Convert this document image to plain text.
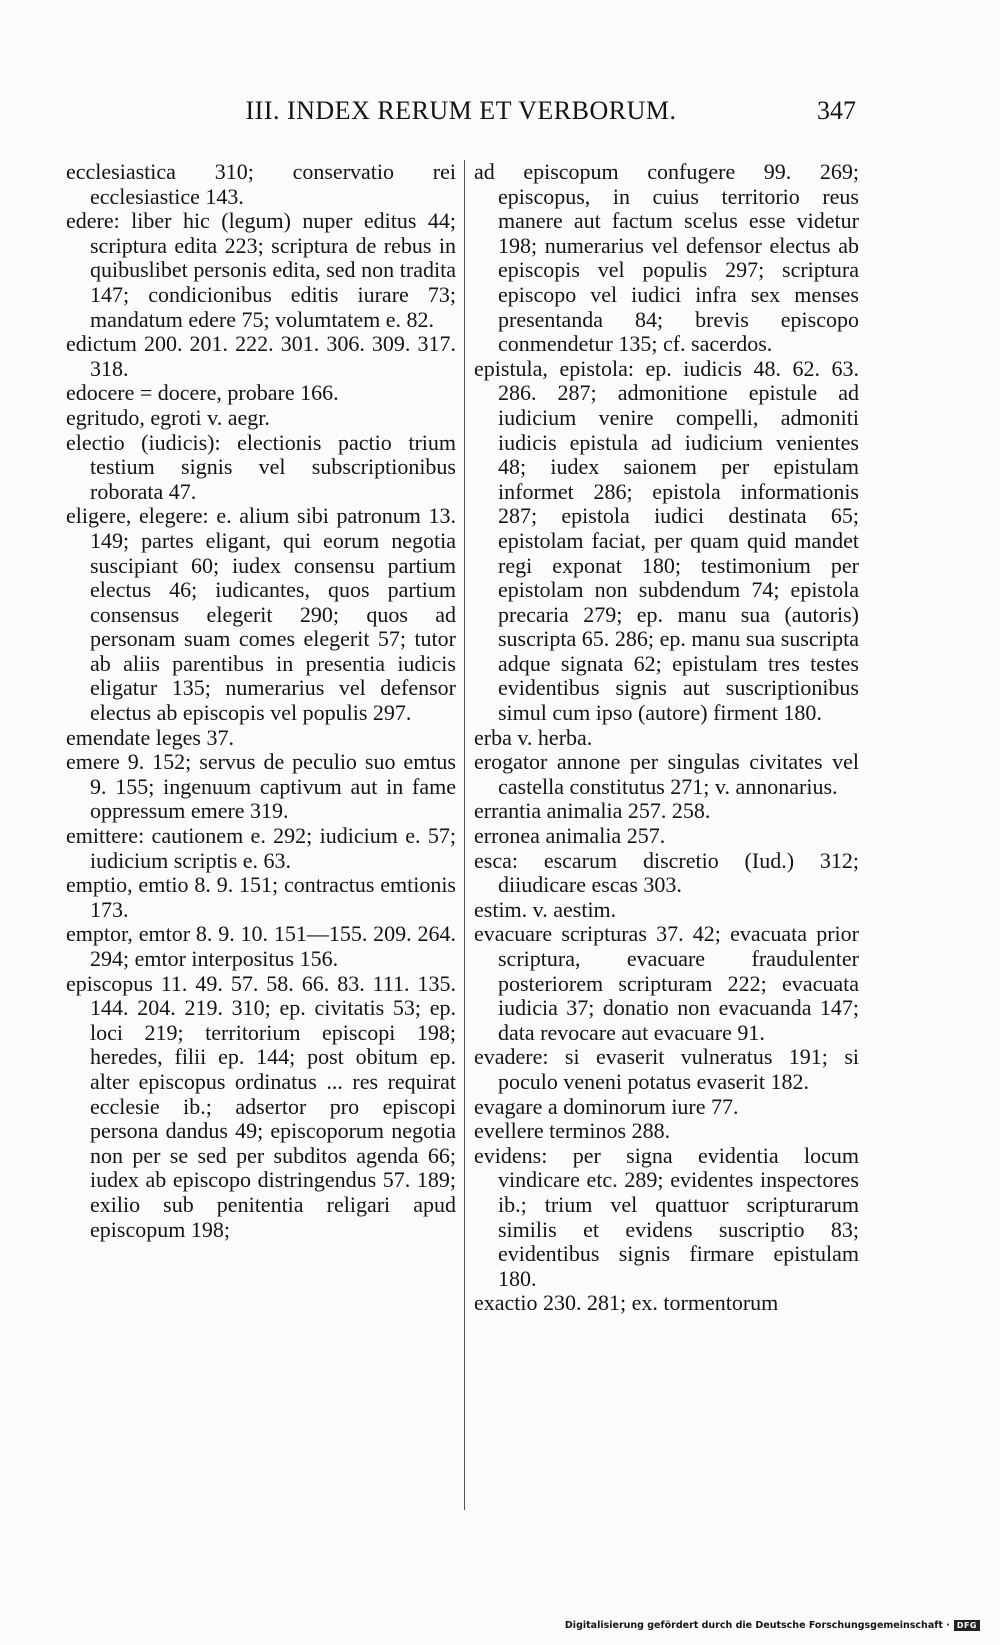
III. INDEX RERUM ET VERBORUM.	347

ecclesiastica 310; conservatio rei ecclesiastice 143.

edere: liber hic (legum) nuper editus 44; scriptura edita 223; scriptura de rebus in quibuslibet personis edita, sed non tradita 147; condicionibus editis iurare 73; mandatum edere 75; volumtatem e. 82.

edictum 200. 201. 222. 301. 306. 309. 317. 318.

edocere = docere, probare 166.

egritudo, egroti v. aegr.

electio (iudicis): electionis pactio trium testium signis vel subscriptionibus roborata 47.

eligere, elegere: e. alium sibi patronum 13. 149; partes eligant, qui eorum negotia suscipiant 60; iudex consensu partium electus 46; iudicantes, quos partium consensus elegerit 290; quos ad personam suam comes elegerit 57; tutor ab aliis parentibus in presentia iudicis eligatur 135; numerarius vel defensor electus ab episcopis vel populis 297.

emendate leges 37.

emere 9. 152; servus de peculio suo emtus 9. 155; ingenuum captivum aut in fame oppressum emere 319.

emittere: cautionem e. 292; iudicium e. 57; iudicium scriptis e. 63.

emptio, emtio 8. 9. 151; contractus emtionis 173.

emptor, emtor 8. 9. 10. 151—155. 209. 264. 294; emtor interpositus 156.

episcopus 11. 49. 57. 58. 66. 83. 111. 135. 144. 204. 219. 310; ep. civitatis 53; ep. loci 219; territorium episcopi 198; heredes, filii ep. 144; post obitum ep. alter episcopus ordinatus ... res requirat ecclesie ib.; adsertor pro episcopi persona dandus 49; episcoporum negotia non per se sed per subditos agenda 66; iudex ab episcopo distringendus 57. 189; exilio sub penitentia religari apud episcopum 198;

ad episcopum confugere 99. 269; episcopus, in cuius territorio reus manere aut factum scelus esse videtur 198; numerarius vel defensor electus ab episcopis vel populis 297; scriptura episcopo vel iudici infra sex menses presentanda 84; brevis episcopo conmendetur 135; cf. sacerdos.

epistula, epistola: ep. iudicis 48. 62. 63. 286. 287; admonitione epistule ad iudicium venire compelli, admoniti iudicis epistula ad iudicium venientes 48; iudex saionem per epistulam informet 286; epistola informationis 287; epistola iudici destinata 65; epistolam faciat, per quam quid mandet regi exponat 180; testimonium per epistolam non subdendum 74; epistola precaria 279; ep. manu sua (autoris) suscripta 65. 286; ep. manu sua suscripta adque signata 62; epistulam tres testes evidentibus signis aut suscriptionibus simul cum ipso (autore) firment 180.

erba v. herba.

erogator annone per singulas civitates vel castella constitutus 271; v. annonarius.

errantia animalia 257. 258.

erronea animalia 257.

esca: escarum discretio (Iud.) 312; diiudicare escas 303.

estim. v. aestim.

evacuare scripturas 37. 42; evacuata prior scriptura, evacuare fraudulenter posteriorem scripturam 222; evacuata iudicia 37; donatio non evacuanda 147; data revocare aut evacuare 91.

evadere: si evaserit vulneratus 191; si poculo veneni potatus evaserit 182.

evagare a dominorum iure 77.

evellere terminos 288.

evidens: per signa evidentia locum vindicare etc. 289; evidentes inspectores ib.; trium vel quattuor scripturarum similis et evidens suscriptio 83; evidentibus signis firmare epistulam 180.

exactio 230. 281; ex. tormentorum

Digitalisierung gefördert durch die Deutsche Forschungsgemeinschaft · DFG
